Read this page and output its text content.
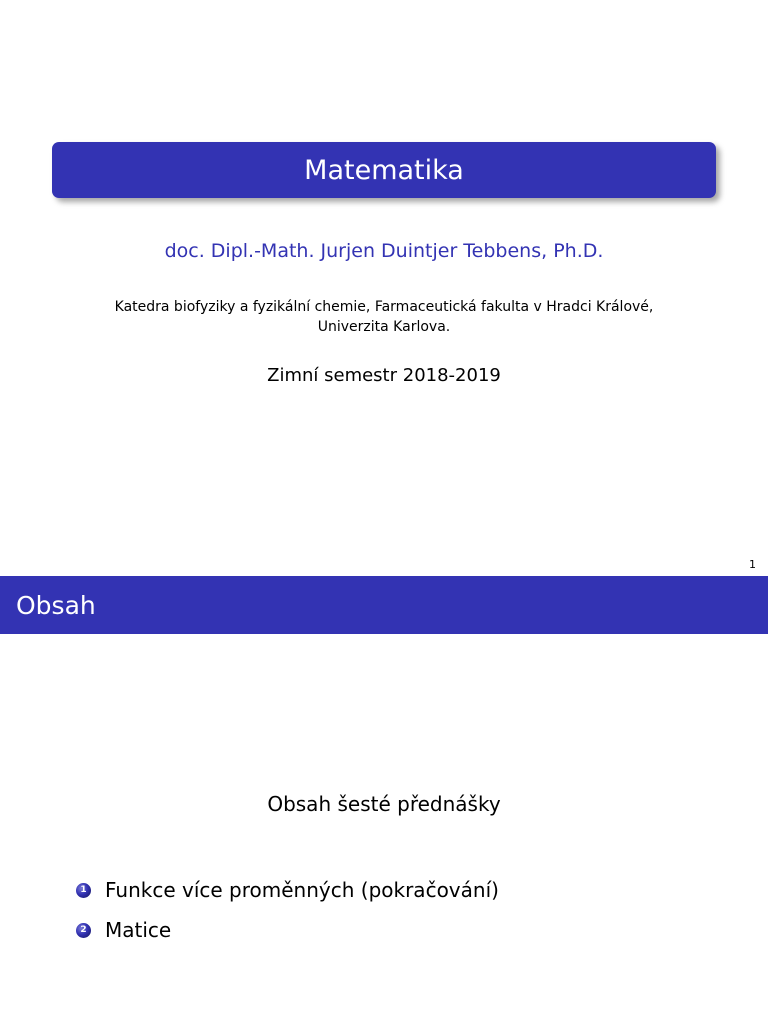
Matematika
doc. Dipl.-Math. Jurjen Duintjer Tebbens, Ph.D.
Katedra biofyziky a fyzikální chemie, Farmaceutická fakulta v Hradci Králové,
Univerzita Karlova.
Zimní semestr 2018-2019
1
Obsah
Obsah šesté přednášky
1 Funkce více proměnných (pokračování)
2 Matice
